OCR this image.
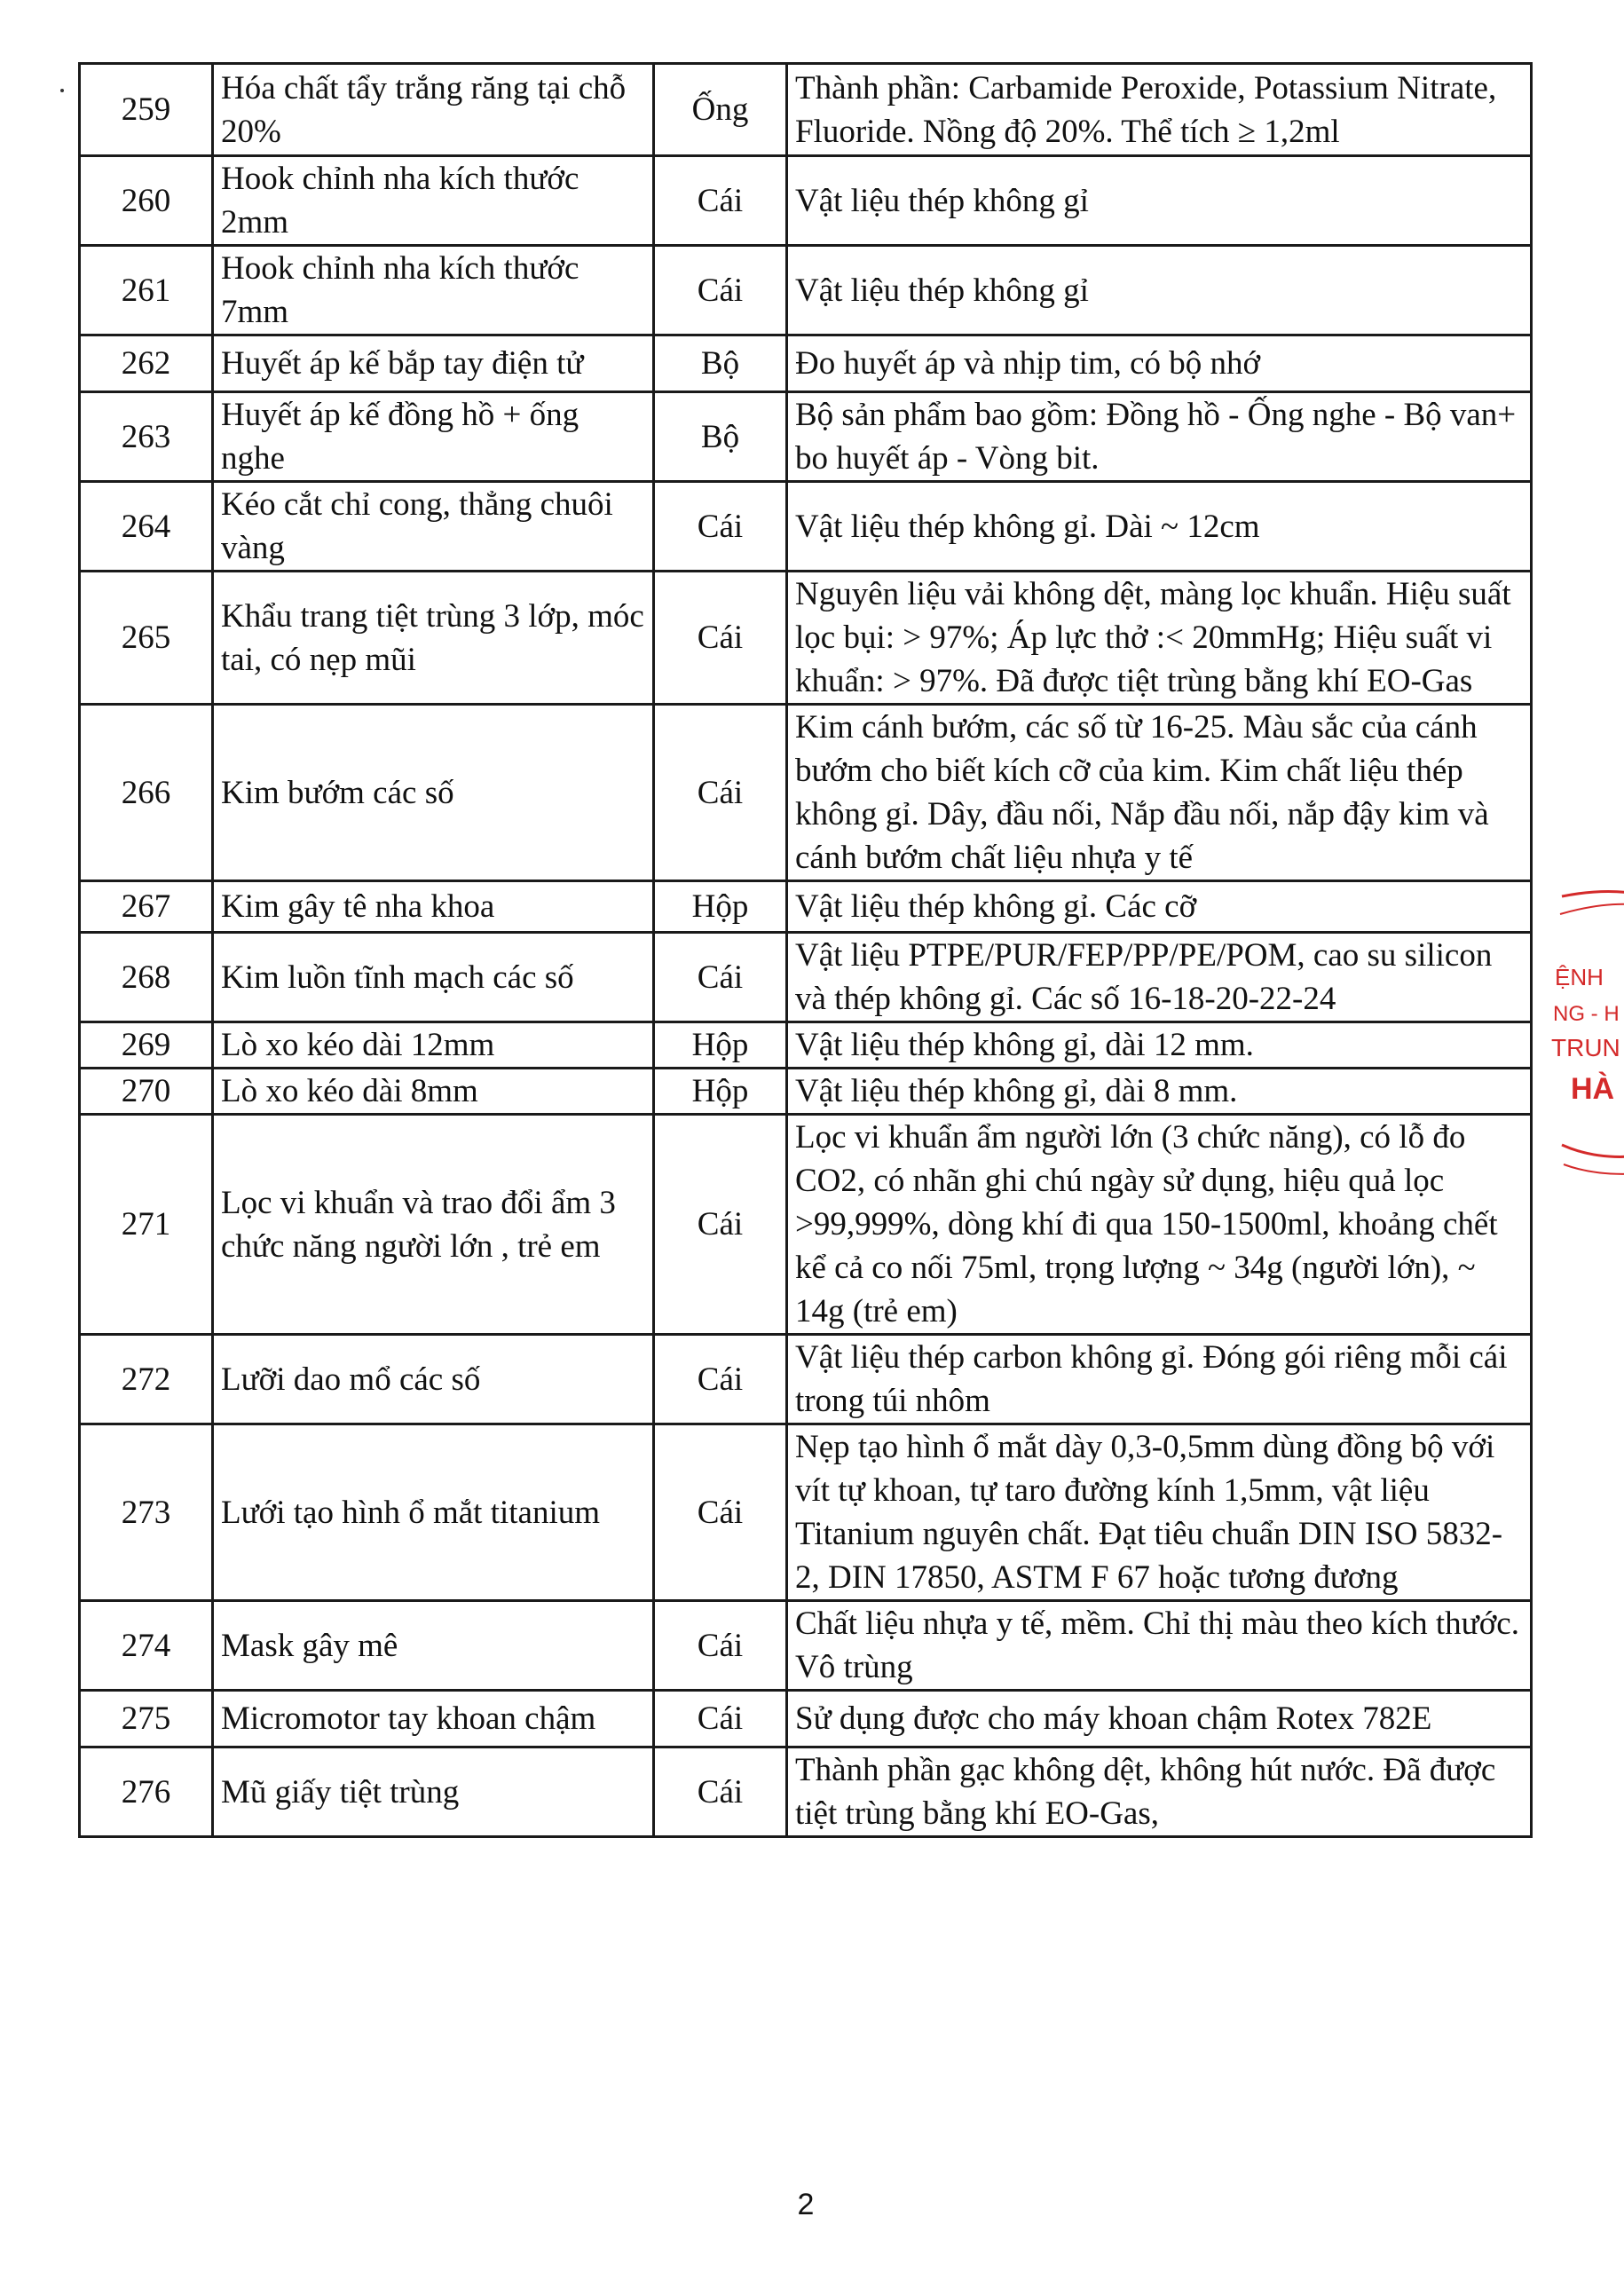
259	Hóa chất tẩy trắng răng tại chỗ 20%	Ống	Thành phần: Carbamide Peroxide, Potassium Nitrate, Fluoride. Nồng độ 20%. Thể tích ≥ 1,2ml
260	Hook chỉnh nha kích thước 2mm	Cái	Vật liệu thép không gỉ
261	Hook chỉnh nha kích thước 7mm	Cái	Vật liệu thép không gỉ
262	Huyết áp kế bắp tay điện tử	Bộ	Đo huyết áp và nhịp tim, có bộ nhớ
263	Huyết áp kế đồng hồ + ống nghe	Bộ	Bộ sản phẩm bao gồm: Đồng hồ - Ống nghe - Bộ van+ bo huyết áp - Vòng bit.
264	Kéo cắt chỉ cong, thẳng chuôi vàng	Cái	Vật liệu thép không gỉ. Dài ~ 12cm
265	Khẩu trang tiệt trùng 3 lớp, móc tai, có nẹp mũi	Cái	Nguyên liệu vải không dệt, màng lọc khuẩn. Hiệu suất lọc bụi: > 97%; Áp lực thở :< 20mmHg; Hiệu suất vi khuẩn: > 97%. Đã được tiệt trùng bằng khí EO-Gas
266	Kim bướm các số	Cái	Kim cánh bướm, các số từ 16-25. Màu sắc của cánh bướm cho biết kích cỡ của kim. Kim chất liệu thép không gỉ. Dây, đầu nối, Nắp đầu nối, nắp đậy kim và cánh bướm chất liệu nhựa y tế
267	Kim gây tê nha khoa	Hộp	Vật liệu thép không gỉ. Các cỡ
268	Kim luồn tĩnh mạch các số	Cái	Vật liệu PTPE/PUR/FEP/PP/PE/POM, cao su silicon và thép không gỉ. Các số 16-18-20-22-24
269	Lò xo kéo dài 12mm	Hộp	Vật liệu thép không gỉ, dài 12 mm.
270	Lò xo kéo dài 8mm	Hộp	Vật liệu thép không gỉ, dài 8 mm.
271	Lọc vi khuẩn và trao đổi ẩm 3 chức năng người lớn , trẻ em	Cái	Lọc vi khuẩn ẩm người lớn (3 chức năng), có lỗ đo CO2, có nhãn ghi chú ngày sử dụng, hiệu quả lọc >99,999%, dòng khí đi qua 150-1500ml, khoảng chết kể cả co nối 75ml, trọng lượng ~ 34g (người lớn), ~ 14g (trẻ em)
272	Lưỡi dao mổ các số	Cái	Vật liệu thép carbon không gỉ. Đóng gói riêng mỗi cái trong túi nhôm
273	Lưới tạo hình ổ mắt titanium	Cái	Nẹp tạo hình ổ mắt dày 0,3-0,5mm dùng đồng bộ với vít tự khoan, tự taro đường kính 1,5mm, vật liệu Titanium nguyên chất. Đạt tiêu chuẩn DIN ISO 5832-2, DIN 17850, ASTM F 67 hoặc tương đương
274	Mask gây mê	Cái	Chất liệu nhựa y tế, mềm. Chỉ thị màu theo kích thước. Vô trùng
275	Micromotor tay khoan chậm	Cái	Sử dụng được cho máy khoan chậm Rotex 782E
276	Mũ giấy tiệt trùng	Cái	Thành phần gạc không dệt, không hút nước. Đã được tiệt trùng bằng khí EO-Gas,
ỆNH
NG - H
TRUN
HÀ
2
